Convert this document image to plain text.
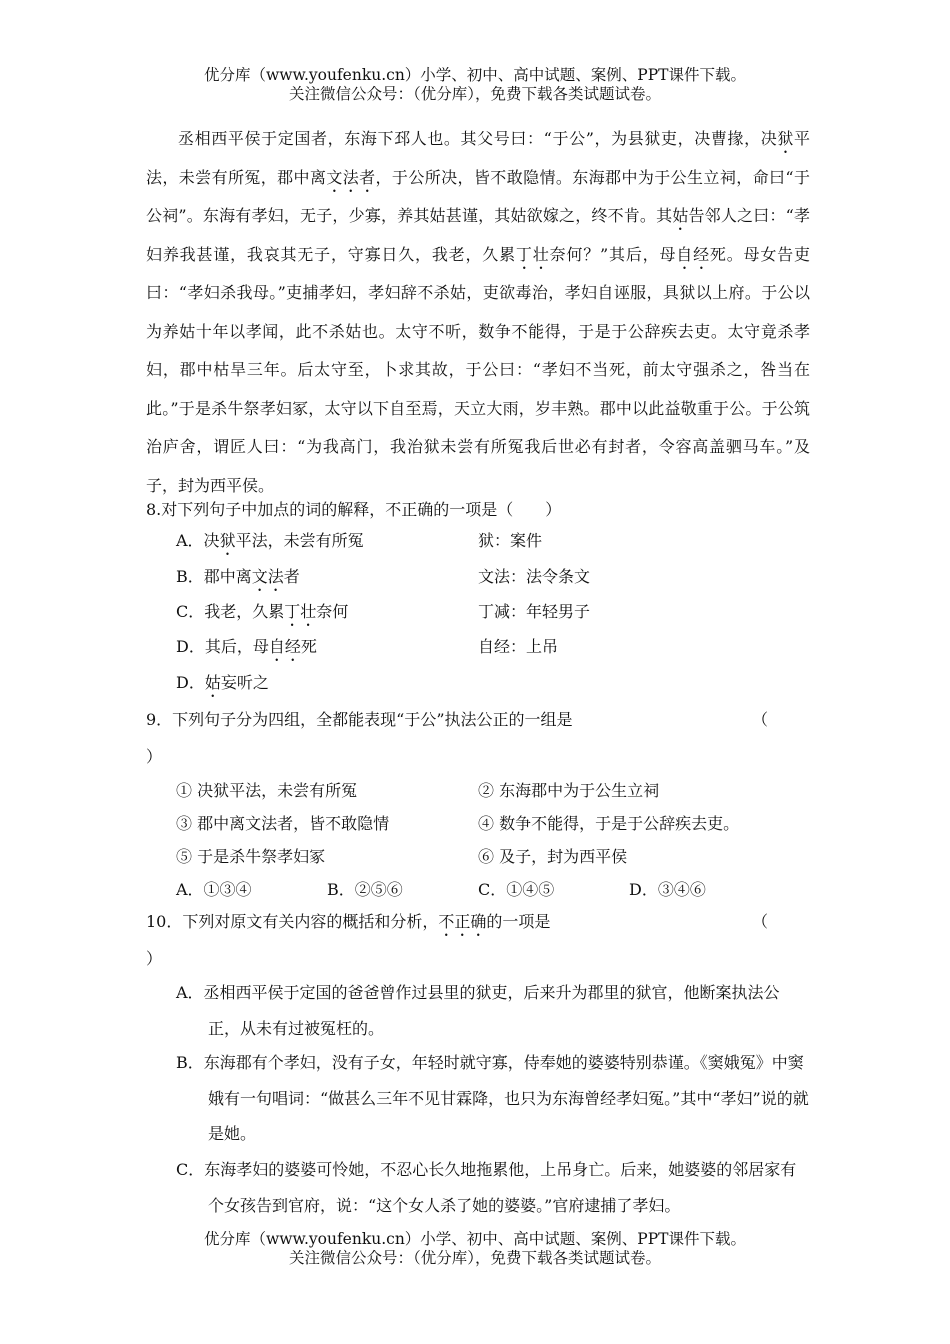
优分库（www.youfenku.cn）小学、初中、高中试题、案例、PPT课件下载。
关注微信公众号：（优分库），免费下载各类试题试卷。

丞相西平侯于定国者，东海下邳人也。其父号曰：“于公”，为县狱吏，决曹掾，决狱平法，未尝有所冤，郡中离文法者，于公所决，皆不敢隐情。东海郡中为于公生立祠，命曰“于公祠”。东海有孝妇，无子，少寡，养其姑甚谨，其姑欲嫁之，终不肯。其姑告邻人之曰：“孝妇养我甚谨，我哀其无子，守寡日久，我老，久累丁壮奈何？”其后，母自经死。母女告吏曰：“孝妇杀我母。”吏捕孝妇，孝妇辞不杀姑，吏欲毒治，孝妇自诬服，具狱以上府。于公以为养姑十年以孝闻，此不杀姑也。太守不听，数争不能得，于是于公辞疾去吏。太守竟杀孝妇，郡中枯旱三年。后太守至，卜求其故，于公曰：“孝妇不当死，前太守强杀之，咎当在此。”于是杀牛祭孝妇冢，太守以下自至焉，天立大雨，岁丰熟。郡中以此益敬重于公。于公筑治庐舍，谓匠人曰：“为我高门，我治狱未尝有所冤我后世必有封者，令容高盖驷马车。”及子，封为西平侯。

8.对下列句子中加点的词的解释，不正确的一项是（　　）
A．决狱平法，未尝有所冤	狱：案件
B．郡中离文法者	文法：法令条文
C．我老，久累丁壮奈何	丁减：年轻男子
D．其后，母自经死	自经：上吊
D．姑妄听之
9．下列句子分为四组，全都能表现“于公”执法公正的一组是	（
）
① 决狱平法，未尝有所冤	② 东海郡中为于公生立祠
③ 郡中离文法者，皆不敢隐情	④ 数争不能得，于是于公辞疾去吏。
⑤ 于是杀牛祭孝妇冢	⑥ 及子，封为西平侯
A．①③④	B．②⑤⑥	C．①④⑤	D．③④⑥
10．下列对原文有关内容的概括和分析，不正确的一项是	（
）
A．丞相西平侯于定国的爸爸曾作过县里的狱吏，后来升为郡里的狱官，他断案执法公正，从未有过被冤枉的。
B．东海郡有个孝妇，没有子女，年轻时就守寡，侍奉她的婆婆特别恭谨。《窦娥冤》中窦娥有一句唱词：“做甚么三年不见甘霖降，也只为东海曾经孝妇冤。”其中“孝妇”说的就是她。
C．东海孝妇的婆婆可怜她，不忍心长久地拖累他，上吊身亡。后来，她婆婆的邻居家有个女孩告到官府，说：“这个女人杀了她的婆婆。”官府逮捕了孝妇。
优分库（www.youfenku.cn）小学、初中、高中试题、案例、PPT课件下载。
关注微信公众号：（优分库），免费下载各类试题试卷。
